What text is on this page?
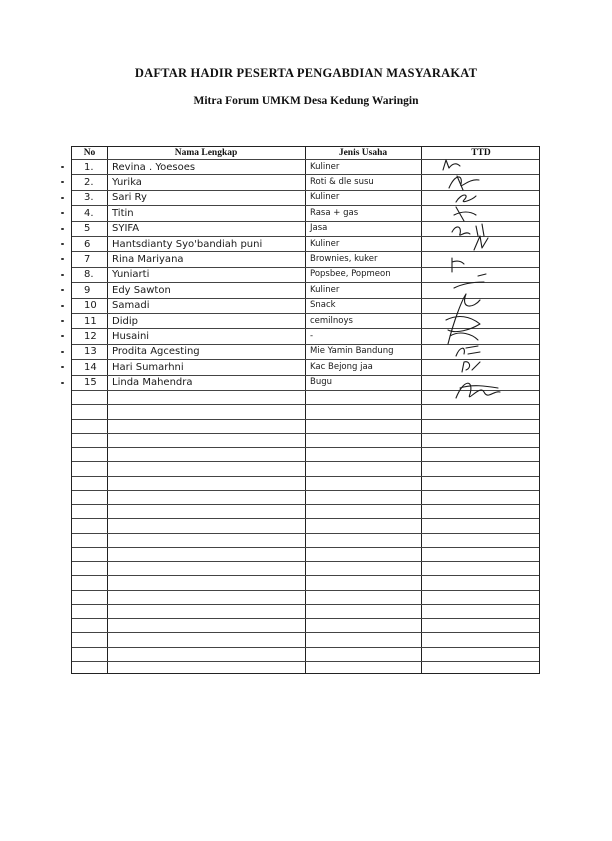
DAFTAR HADIR PESERTA PENGABDIAN MASYARAKAT
Mitra Forum UMKM Desa Kedung Waringin
No	Nama Lengkap	Jenis Usaha	TTD
1. Revina . Yoesoes	Kuliner
2. Yurika	Roti & dle susu
3. Sari Ry	Kuliner
4. Titin	Rasa + gas
5 SYIFA	Jasa
6 Hantsdianty Syo'bandiah puni	Kuliner
7 Rina Mariyana	Brownies, kuker
8. Yuniarti	Popsbee, Popmeon
9 Edy Sawton	Kuliner
10 Samadi	Snack
11 Didip	cemilnoys
12 Husaini	-
13 Prodita Agcesting	Mie Yamin Bandung
14 Hari Sumarhni	Kac Bejong jaa
15 Linda Mahendra	Bugu
